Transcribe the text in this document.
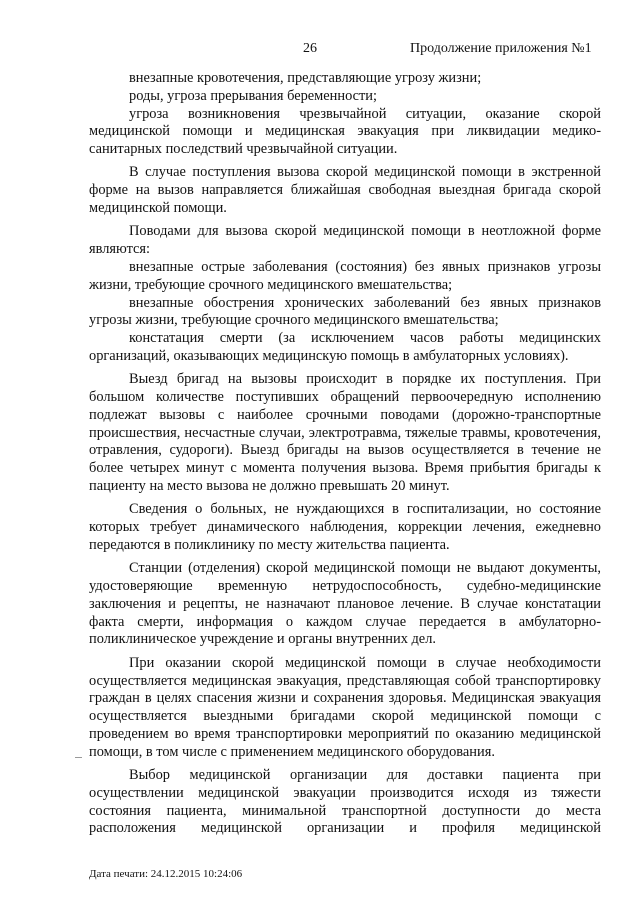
26	Продолжение приложения №1

внезапные кровотечения, представляющие угрозу жизни;

роды, угроза прерывания беременности;

угроза возникновения чрезвычайной ситуации, оказание скорой медицинской помощи и медицинская эвакуация при ликвидации медико-санитарных последствий чрезвычайной ситуации.

В случае поступления вызова скорой медицинской помощи в экстренной форме на вызов направляется ближайшая свободная выездная бригада скорой медицинской помощи.

Поводами для вызова скорой медицинской помощи в неотложной форме являются:

внезапные острые заболевания (состояния) без явных признаков угрозы жизни, требующие срочного медицинского вмешательства;

внезапные обострения хронических заболеваний без явных признаков угрозы жизни, требующие срочного медицинского вмешательства;

констатация смерти (за исключением часов работы медицинских организаций, оказывающих медицинскую помощь в амбулаторных условиях).

Выезд бригад на вызовы происходит в порядке их поступления. При большом количестве поступивших обращений первоочередную исполнению подлежат вызовы с наиболее срочными поводами (дорожно-транспортные происшествия, несчастные случаи, электротравма, тяжелые травмы, кровотечения, отравления, судороги). Выезд бригады на вызов осуществляется в течение не более четырех минут с момента получения вызова. Время прибытия бригады к пациенту на место вызова не должно превышать 20 минут.

Сведения о больных, не нуждающихся в госпитализации, но состояние которых требует динамического наблюдения, коррекции лечения, ежедневно передаются в поликлинику по месту жительства пациента.

Станции (отделения) скорой медицинской помощи не выдают документы, удостоверяющие временную нетрудоспособность, судебно-медицинские заключения и рецепты, не назначают плановое лечение. В случае констатации факта смерти, информация о каждом случае передается в амбулаторно-поликлиническое учреждение и органы внутренних дел.

При оказании скорой медицинской помощи в случае необходимости осуществляется медицинская эвакуация, представляющая собой транспортировку граждан в целях спасения жизни и сохранения здоровья. Медицинская эвакуация осуществляется выездными бригадами скорой медицинской помощи с проведением во время транспортировки мероприятий по оказанию медицинской помощи, в том числе с применением медицинского оборудования.

Выбор медицинской организации для доставки пациента при осуществлении медицинской эвакуации производится исходя из тяжести состояния пациента, минимальной транспортной доступности до места расположения медицинской организации и профиля медицинской

Дата печати: 24.12.2015 10:24:06
